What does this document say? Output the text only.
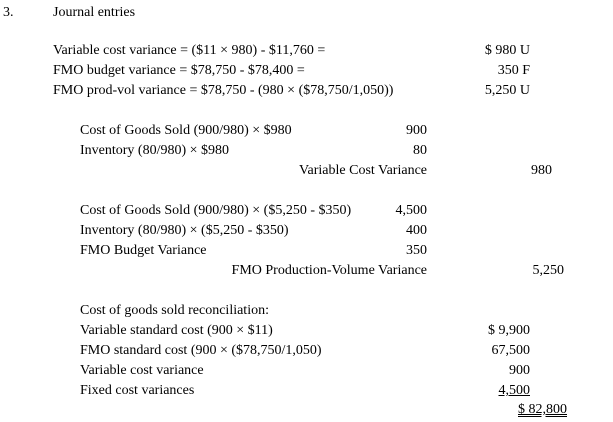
3.	Journal entries
Variable cost variance = ($11 × 980) - $11,760 =	$ 980 U
FMO budget variance = $78,750 - $78,400 =	350 F
FMO prod-vol variance = $78,750 - (980 × ($78,750/1,050))	5,250 U
Cost of Goods Sold (900/980) × $980	900
Inventory (80/980) × $980	80
Variable Cost Variance	980
Cost of Goods Sold (900/980) × ($5,250 - $350)	4,500
Inventory (80/980) × ($5,250 - $350)	400
FMO Budget Variance	350
FMO Production-Volume Variance	5,250
Cost of goods sold reconciliation:
Variable standard cost (900 × $11)	$ 9,900
FMO standard cost (900 × ($78,750/1,050)	67,500
Variable cost variance	900
Fixed cost variances	4,500
$ 82,800
